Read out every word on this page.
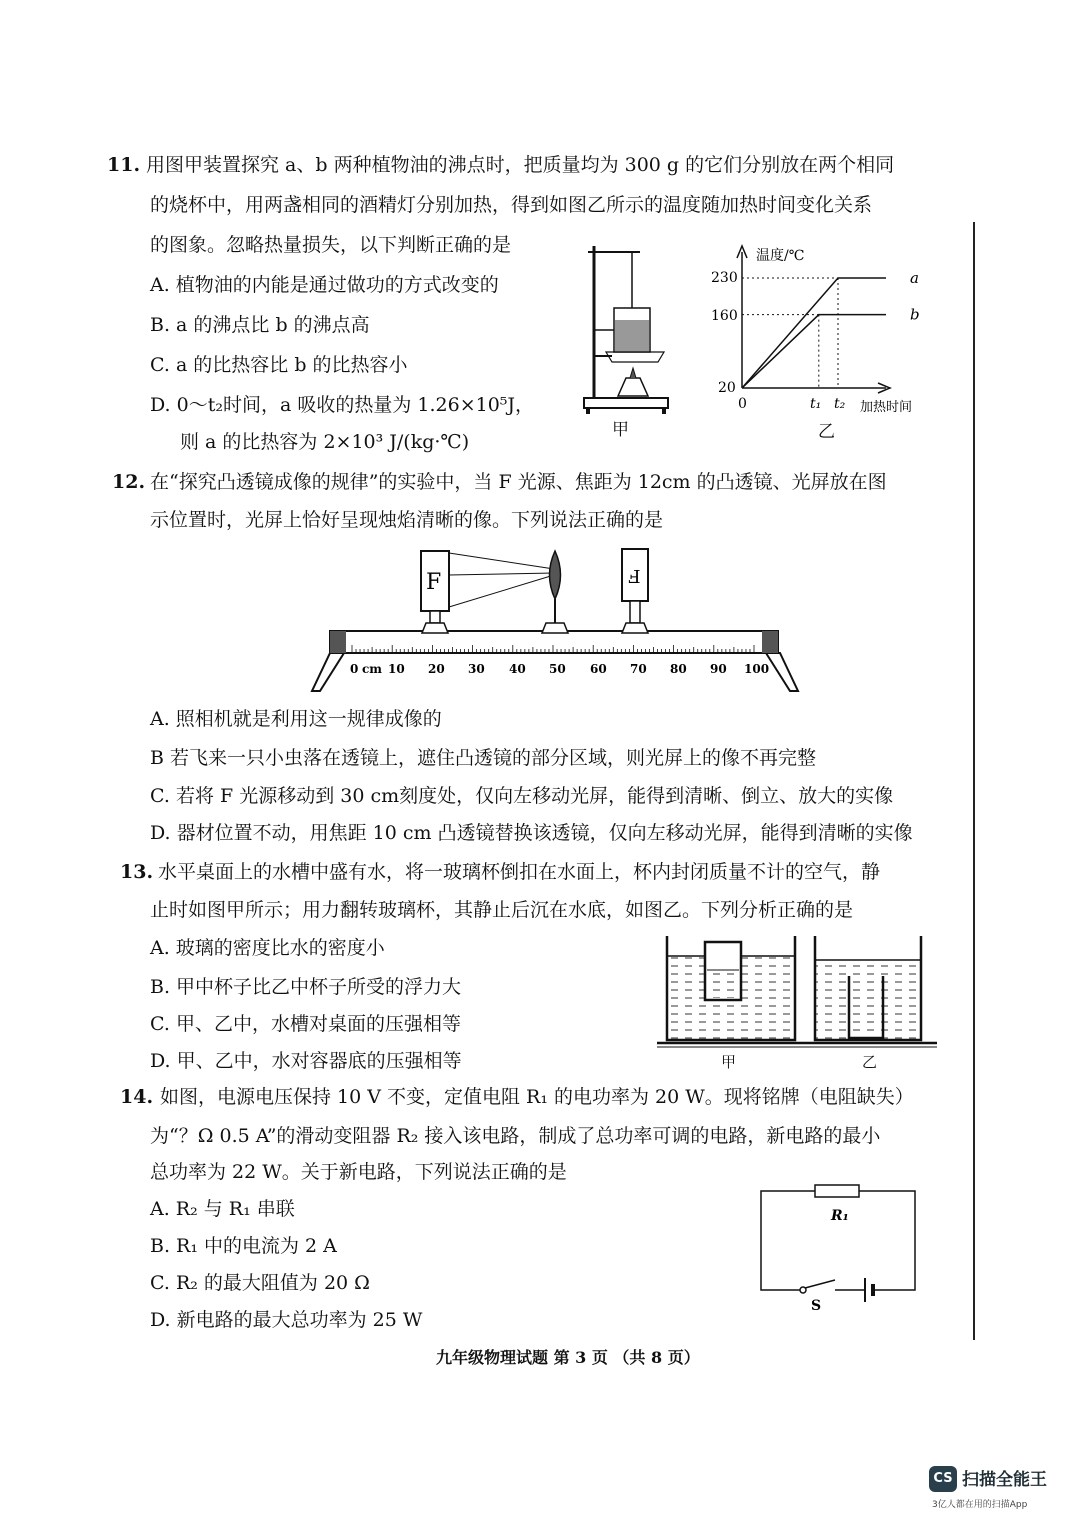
11. 用图甲装置探究 a、b 两种植物油的沸点时，把质量均为 300 g 的它们分别放在两个相同
的烧杯中，用两盏相同的酒精灯分别加热，得到如图乙所示的温度随加热时间变化关系
的图象。忽略热量损失，以下判断正确的是
A. 植物油的内能是通过做功的方式改变的
B. a 的沸点比 b 的沸点高
C. a 的比热容比 b 的比热容小
D. 0～t₂时间，a 吸收的热量为 1.26×10⁵J，
则 a 的比热容为 2×10³ J/(kg·℃)
甲
温度/℃
加热时间
20
160
230
0	t₁ t₂
a
b
乙
12. 在“探究凸透镜成像的规律”的实验中，当 F 光源、焦距为 12cm 的凸透镜、光屏放在图
示位置时，光屏上恰好呈现烛焰清晰的像。下列说法正确的是
0 cm 10 20 30 40 50 60 70 80 90 100
F	Ⅎ
A. 照相机就是利用这一规律成像的
B 若飞来一只小虫落在透镜上，遮住凸透镜的部分区域，则光屏上的像不再完整
C. 若将 F 光源移动到 30 cm刻度处，仅向左移动光屏，能得到清晰、倒立、放大的实像
D. 器材位置不动，用焦距 10 cm 凸透镜替换该透镜，仅向左移动光屏，能得到清晰的实像
13. 水平桌面上的水槽中盛有水，将一玻璃杯倒扣在水面上，杯内封闭质量不计的空气，静
止时如图甲所示；用力翻转玻璃杯，其静止后沉在水底，如图乙。下列分析正确的是
A. 玻璃的密度比水的密度小
B. 甲中杯子比乙中杯子所受的浮力大
C. 甲、乙中，水槽对桌面的压强相等
D. 甲、乙中，水对容器底的压强相等	甲	乙
14. 如图，电源电压保持 10 V 不变，定值电阻 R₁ 的电功率为 20 W。现将铭牌（电阻缺失）
为“？Ω 0.5 A”的滑动变阻器 R₂ 接入该电路，制成了总功率可调的电路，新电路的最小
总功率为 22 W。关于新电路，下列说法正确的是
A. R₂ 与 R₁ 串联
B. R₁ 中的电流为 2 A
C. R₂ 的最大阻值为 20 Ω
D. 新电路的最大总功率为 25 W
R₁
S
九年级物理试题 第 3 页 （共 8 页）
CS 扫描全能王
3亿人都在用的扫描App
